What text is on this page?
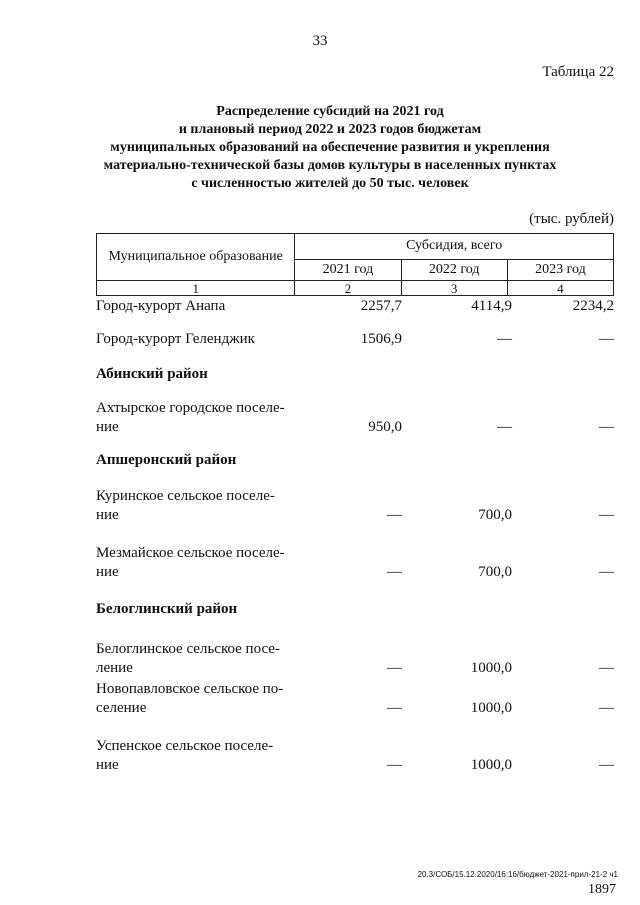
33
Таблица 22
Распределение субсидий на 2021 год
и плановый период 2022 и 2023 годов бюджетам
муниципальных образований на обеспечение развития и укрепления
материально-технической базы домов культуры в населенных пунктах
с численностью жителей до 50 тыс. человек
(тыс. рублей)
Муниципальное образование	Субсидия, всего		
	2021 год	2022 год	2023 год
1	2	3	4
Город-курорт Анапа	2257,7	4114,9	2234,2
Город-курорт Геленджик	1506,9	—	—
Абинский район
Ахтырское городское поселе-
ние	950,0	—	—
Апшеронский район
Куринское сельское поселе-
ние	—	700,0	—
Мезмайское сельское поселе-
ние	—	700,0	—
Белоглинский район
Белоглинское сельское посе-
ление	—	1000,0	—
Новопавловское сельское по-
селение	—	1000,0	—
Успенское сельское поселе-
ние	—	1000,0	—
20.3/СОБ/15.12.2020/16:16/бюджет-2021-прил-21-2 ч1
1897
